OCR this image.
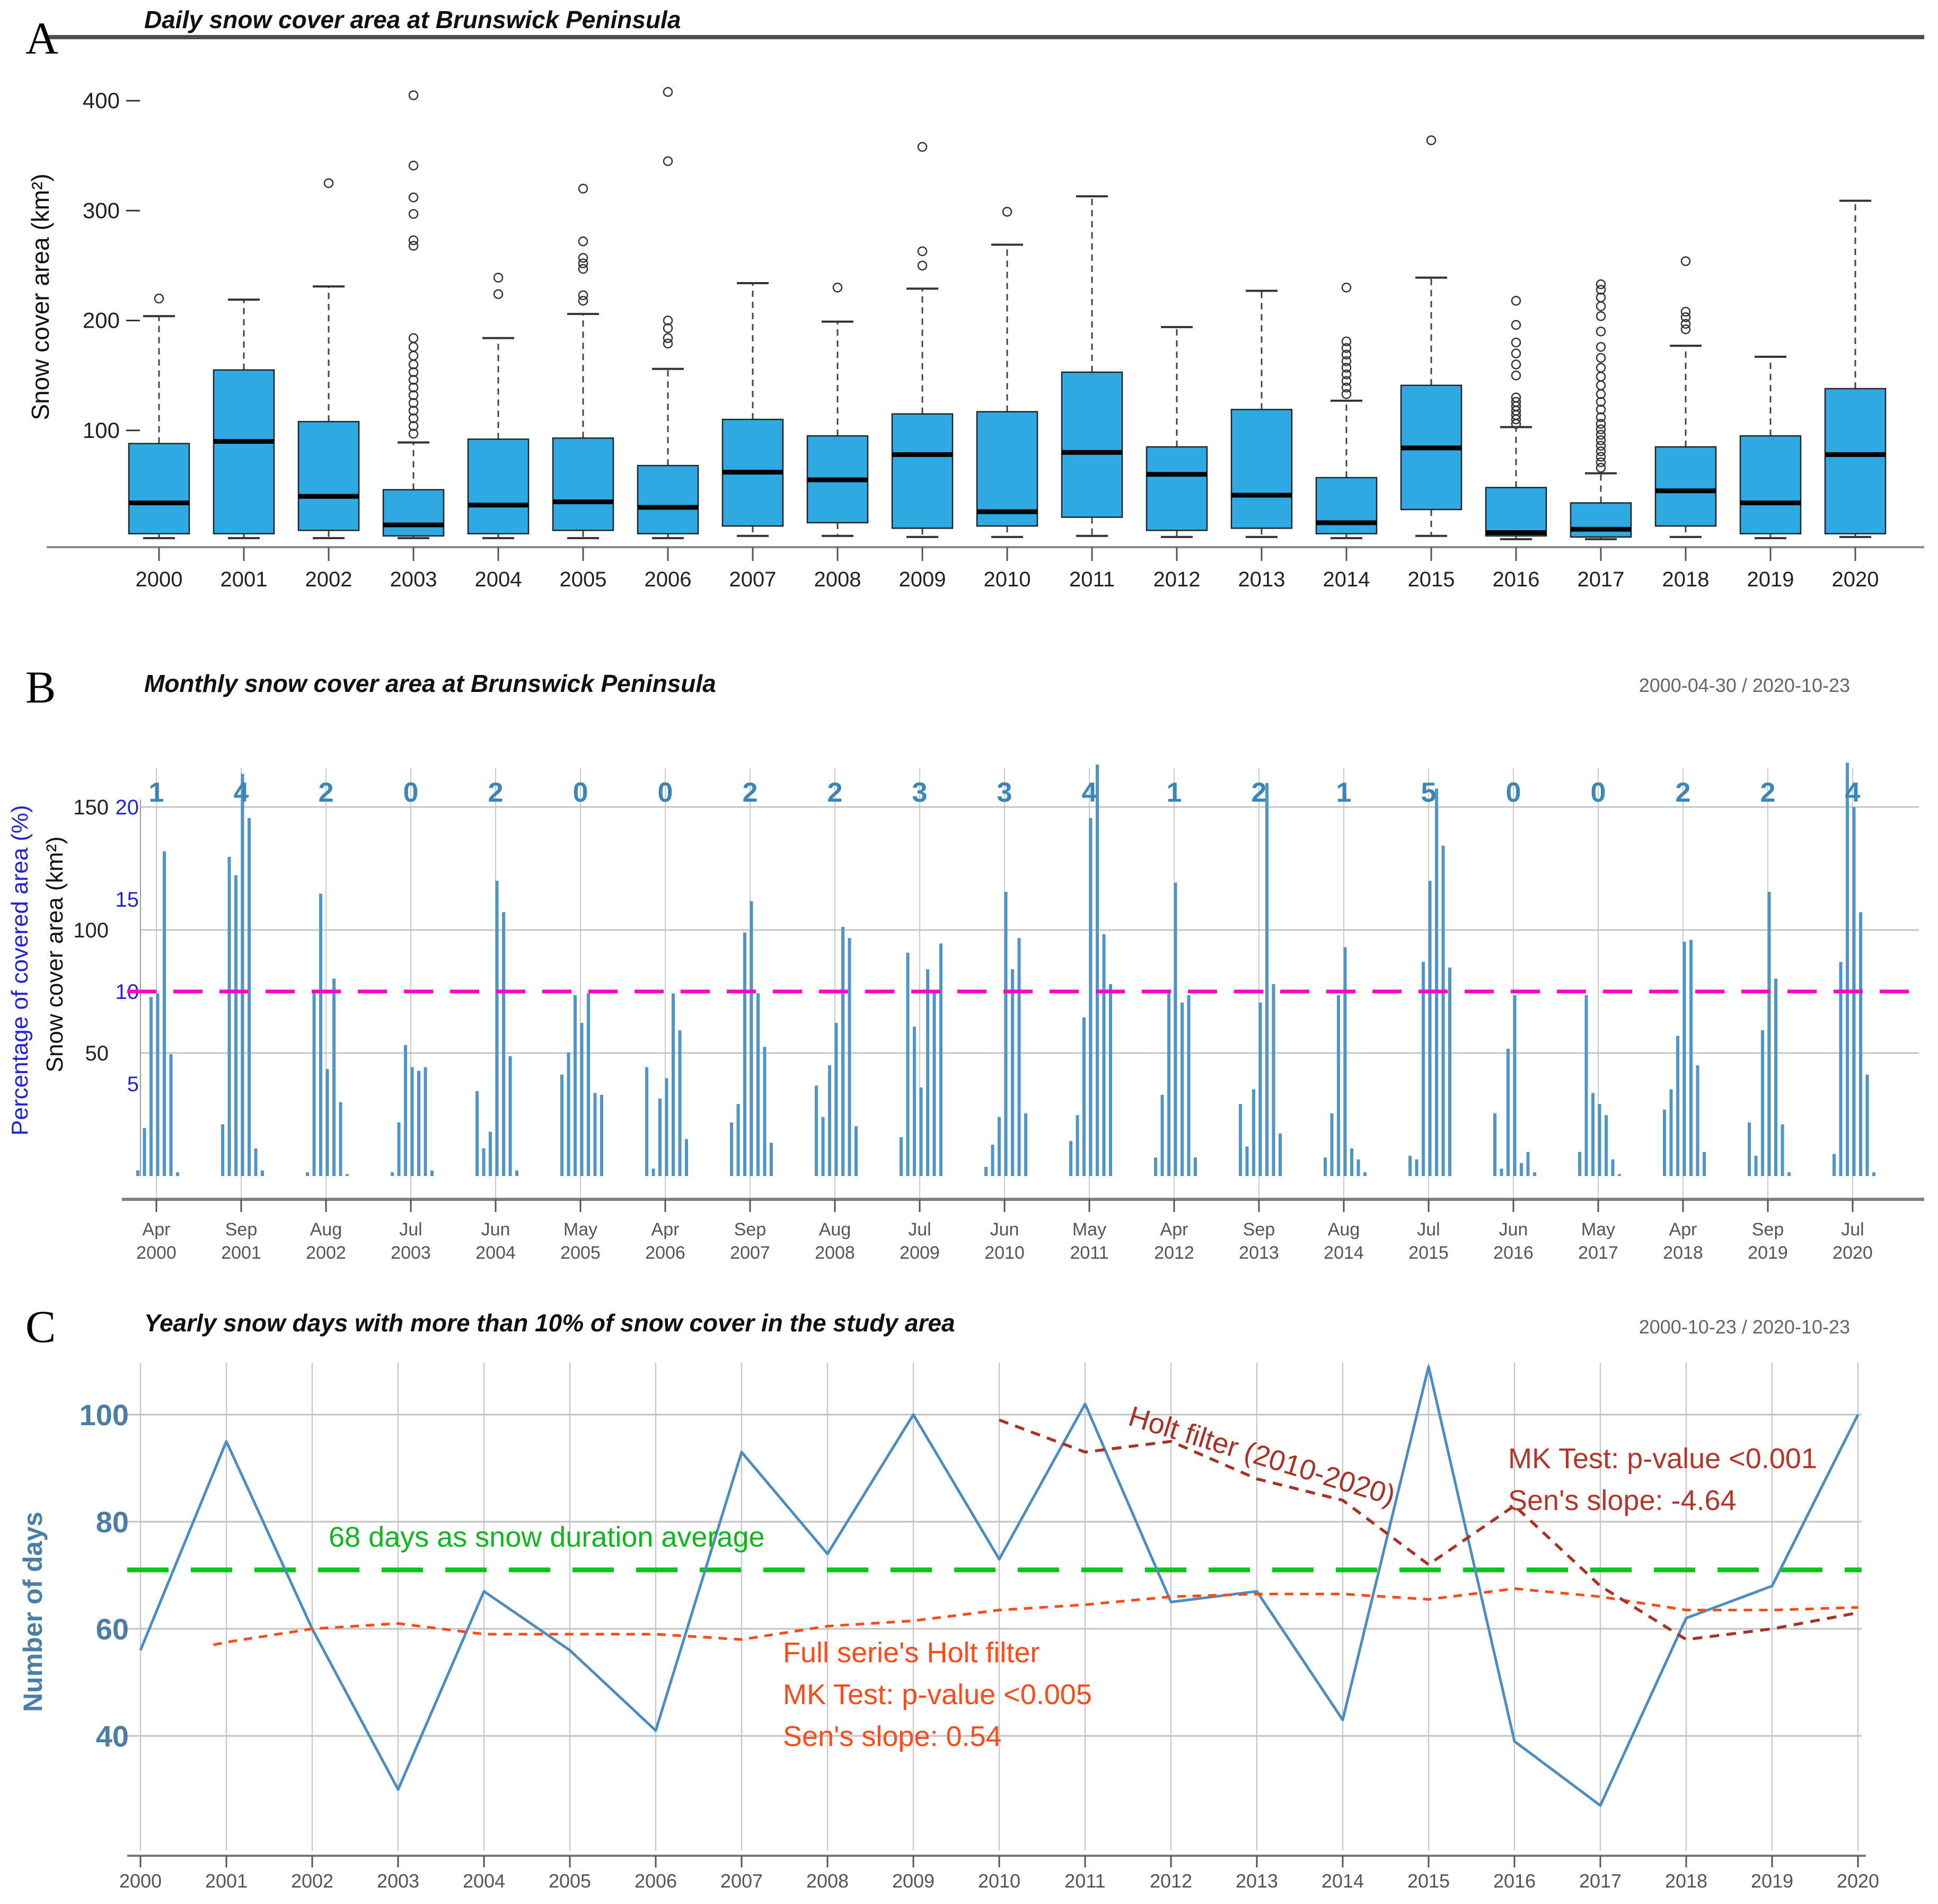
100
200
300
400
2000 2001 2002 2003 2004 2005 2006 2007 2008 2009 2010 2011 2012 2013 2014 2015 2016 2017 2018 2019 2020
50
100
150
5
10
15
20 1	4	2	0	2	0	0	2	2	3	3	4	1	2	1	5	0	0	2	2	4
Apr
2000
Sep
2001
Aug
2002
Jul
2003
Jun
2004
May
2005
Apr
2006
Sep
2007
Aug
2008
Jul
2009
Jun
2010
May
2011
Apr
2012
Sep
2013
Aug
2014
Jul
2015
Jun
2016
May
2017
Apr
2018
Sep
2019
Jul
2020
40
60
80
100
2000 2001 2002 2003 2004 2005 2006 2007 2008 2009 2010 2011 2012 2013 2014 2015 2016 2017 2018 2019 2020
A	Daily snow cover area at Brunswick Peninsula
Snow cover area (km²)
B	Monthly snow cover area at Brunswick Peninsula	2000-04-30 / 2020-10-23
Percentage of covered area (%) Snow cover area (km²)
C	Yearly snow days with more than 10% of snow cover in the study area	2000-10-23 / 2020-10-23
Number of days	68 days as snow duration average
Full serie's Holt filter
MK Test: p-value <0.005
Sen's slope: 0.54
MK Test: p-value <0.001
Sen's slope: -4.64
Holt filter (2010-2020)
